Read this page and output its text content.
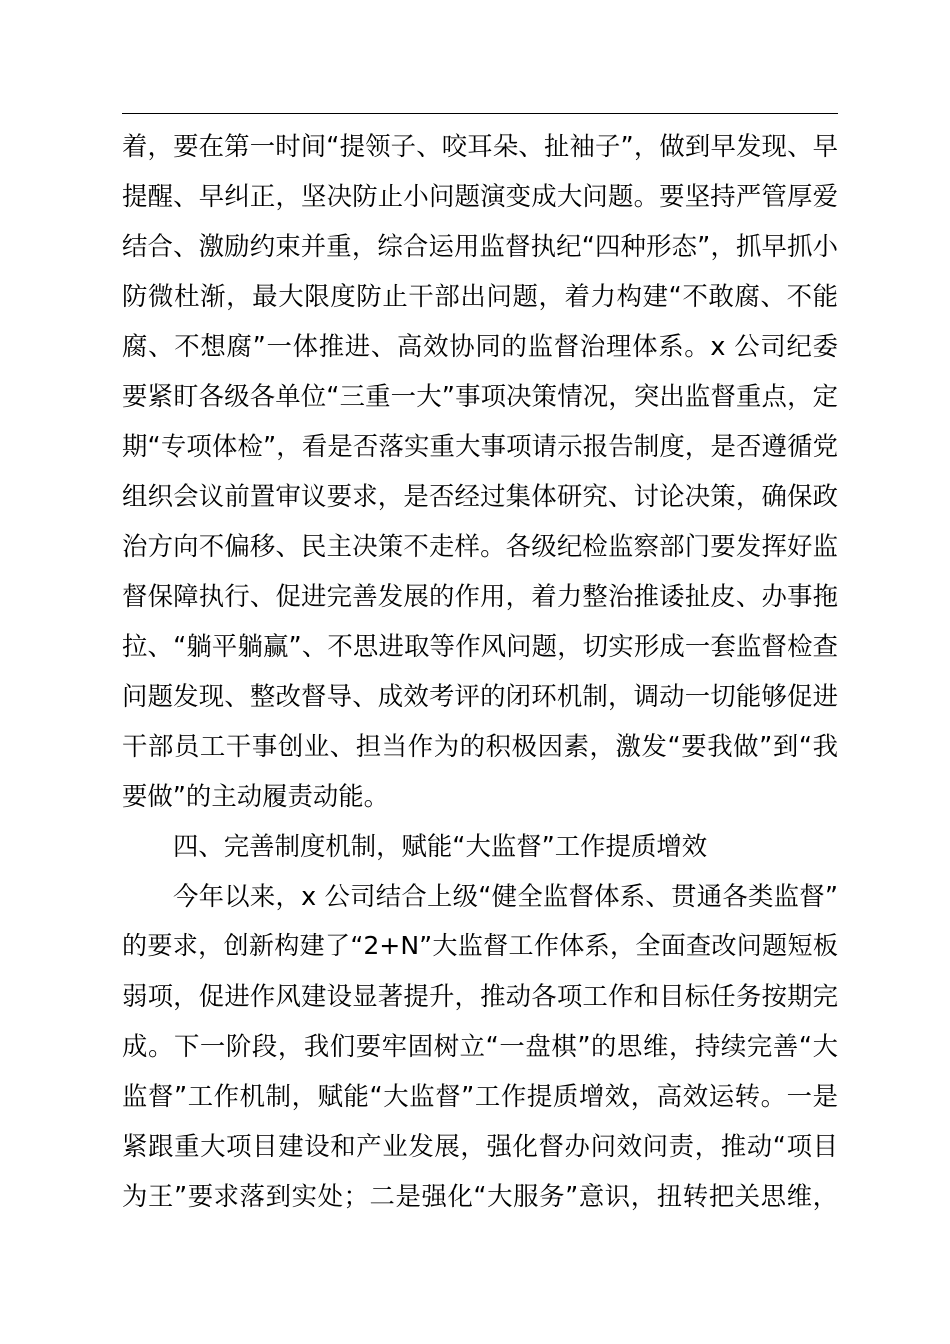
着，要在第一时间“提领子、咬耳朵、扯袖子”，做到早发现、早
提醒、早纠正，坚决防止小问题演变成大问题。要坚持严管厚爱
结合、激励约束并重，综合运用监督执纪“四种形态”，抓早抓小
防微杜渐，最大限度防止干部出问题，着力构建“不敢腐、不能
腐、不想腐”一体推进、高效协同的监督治理体系。x 公司纪委
要紧盯各级各单位“三重一大”事项决策情况，突出监督重点，定
期“专项体检”，看是否落实重大事项请示报告制度，是否遵循党
组织会议前置审议要求，是否经过集体研究、讨论决策，确保政
治方向不偏移、民主决策不走样。各级纪检监察部门要发挥好监
督保障执行、促进完善发展的作用，着力整治推诿扯皮、办事拖
拉、“躺平躺赢”、不思进取等作风问题，切实形成一套监督检查
问题发现、整改督导、成效考评的闭环机制，调动一切能够促进
干部员工干事创业、担当作为的积极因素，激发“要我做”到“我
要做”的主动履责动能。
四、完善制度机制，赋能“大监督”工作提质增效
今年以来，x 公司结合上级“健全监督体系、贯通各类监督”
的要求，创新构建了“2+N”大监督工作体系，全面查改问题短板
弱项，促进作风建设显著提升，推动各项工作和目标任务按期完
成。下一阶段，我们要牢固树立“一盘棋”的思维，持续完善“大
监督”工作机制，赋能“大监督”工作提质增效，高效运转。一是
紧跟重大项目建设和产业发展，强化督办问效问责，推动“项目
为王”要求落到实处；二是强化“大服务”意识，扭转把关思维，
